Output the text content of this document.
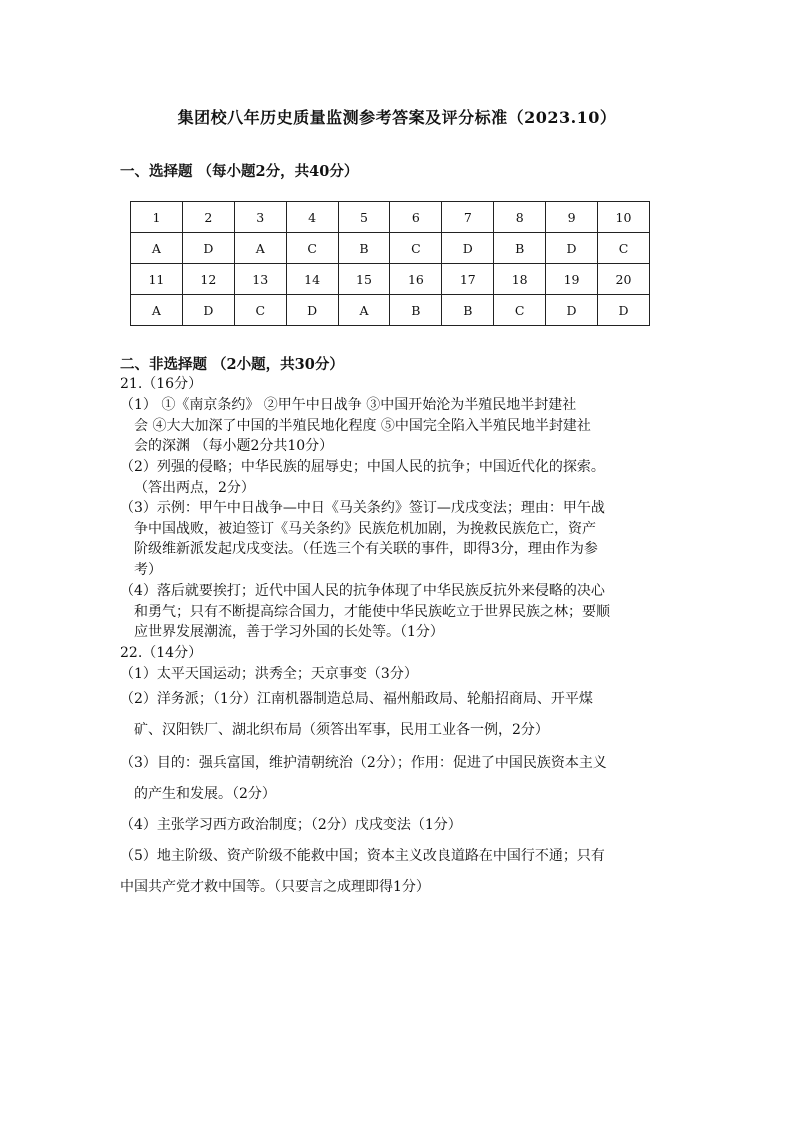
集团校八年历史质量监测参考答案及评分标准（2023.10）
一、选择题 （每小题2分，共40分）
1	2	3	4	5	6	7	8	9	10
A	D	A	C	B	C	D	B	D	C
11	12	13	14	15	16	17	18	19	20
A	D	C	D	A	B	B	C	D	D
二、非选择题 （2小题，共30分）
21.（16分）
（1） ①《南京条约》 ②甲午中日战争 ③中国开始沦为半殖民地半封建社
会 ④大大加深了中国的半殖民地化程度 ⑤中国完全陷入半殖民地半封建社
会的深渊 （每小题2分共10分）
（2）列强的侵略；中华民族的屈辱史；中国人民的抗争；中国近代化的探索。
（答出两点，2分）
（3）示例：甲午中日战争—中日《马关条约》签订—戊戌变法；理由：甲午战
争中国战败，被迫签订《马关条约》民族危机加剧，为挽救民族危亡，资产
阶级维新派发起戊戌变法。（任选三个有关联的事件，即得3分，理由作为参
考）
（4）落后就要挨打；近代中国人民的抗争体现了中华民族反抗外来侵略的决心
和勇气；只有不断提高综合国力，才能使中华民族屹立于世界民族之林；要顺
应世界发展潮流，善于学习外国的长处等。（1分）
22.（14分）
（1）太平天国运动；洪秀全；天京事变（3分）
（2）洋务派；（1分）江南机器制造总局、福州船政局、轮船招商局、开平煤
矿、汉阳铁厂、湖北织布局（须答出军事，民用工业各一例，2分）
（3）目的：强兵富国，维护清朝统治（2分）；作用：促进了中国民族资本主义
的产生和发展。（2分）
（4）主张学习西方政治制度；（2分）戊戌变法（1分）
（5）地主阶级、资产阶级不能救中国；资本主义改良道路在中国行不通；只有
中国共产党才救中国等。（只要言之成理即得1分）
